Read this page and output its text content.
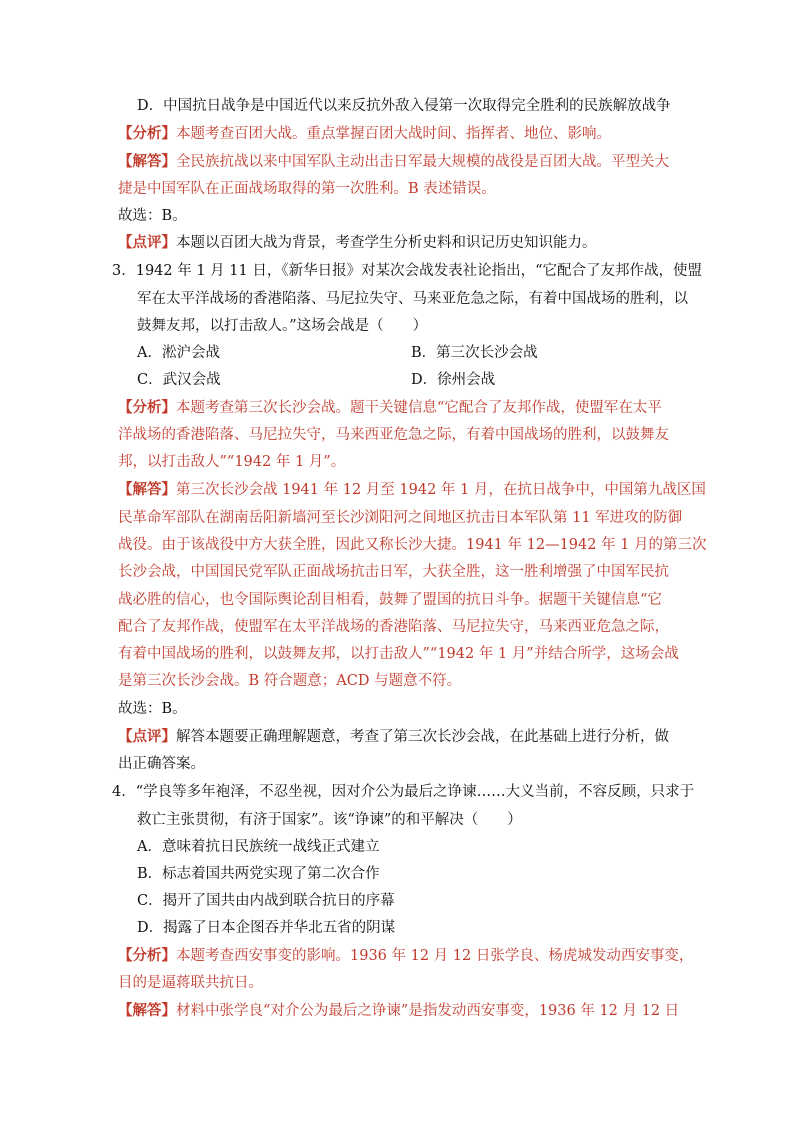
D．中国抗日战争是中国近代以来反抗外敌入侵第一次取得完全胜利的民族解放战争
【分析】本题考查百团大战。重点掌握百团大战时间、指挥者、地位、影响。
【解答】全民族抗战以来中国军队主动出击日军最大规模的战役是百团大战。平型关大
捷是中国军队在正面战场取得的第一次胜利。B 表述错误。
故选：B。
【点评】本题以百团大战为背景，考查学生分析史料和识记历史知识能力。
3．1942 年 1 月 11 日，《新华日报》对某次会战发表社论指出，“它配合了友邦作战，使盟
军在太平洋战场的香港陷落、马尼拉失守、马来亚危急之际，有着中国战场的胜利，以
鼓舞友邦，以打击敌人。”这场会战是（　　）
A．淞沪会战	B．第三次长沙会战
C．武汉会战	D．徐州会战
【分析】本题考查第三次长沙会战。题干关键信息“它配合了友邦作战，使盟军在太平
洋战场的香港陷落、马尼拉失守，马来西亚危急之际，有着中国战场的胜利，以鼓舞友
邦，以打击敌人”“1942 年 1 月”。
【解答】第三次长沙会战 1941 年 12 月至 1942 年 1 月，在抗日战争中，中国第九战区国
民革命军部队在湖南岳阳新墙河至长沙浏阳河之间地区抗击日本军队第 11 军进攻的防御
战役。由于该战役中方大获全胜，因此又称长沙大捷。1941 年 12—1942 年 1 月的第三次
长沙会战，中国国民党军队正面战场抗击日军，大获全胜，这一胜利增强了中国军民抗
战必胜的信心，也令国际舆论刮目相看，鼓舞了盟国的抗日斗争。据题干关键信息“它
配合了友邦作战，使盟军在太平洋战场的香港陷落、马尼拉失守，马来西亚危急之际，
有着中国战场的胜利，以鼓舞友邦，以打击敌人”“1942 年 1 月”并结合所学，这场会战
是第三次长沙会战。B 符合题意；ACD 与题意不符。
故选：B。
【点评】解答本题要正确理解题意，考查了第三次长沙会战，在此基础上进行分析，做
出正确答案。
4．“学良等多年袍泽，不忍坐视，因对介公为最后之诤谏……大义当前，不容反顾，只求于
救亡主张贯彻，有济于国家”。该“诤谏”的和平解决（　　）
A．意味着抗日民族统一战线正式建立
B．标志着国共两党实现了第二次合作
C．揭开了国共由内战到联合抗日的序幕
D．揭露了日本企图吞并华北五省的阴谋
【分析】本题考查西安事变的影响。1936 年 12 月 12 日张学良、杨虎城发动西安事变，
目的是逼蒋联共抗日。
【解答】材料中张学良“对介公为最后之诤谏”是指发动西安事变，1936 年 12 月 12 日
